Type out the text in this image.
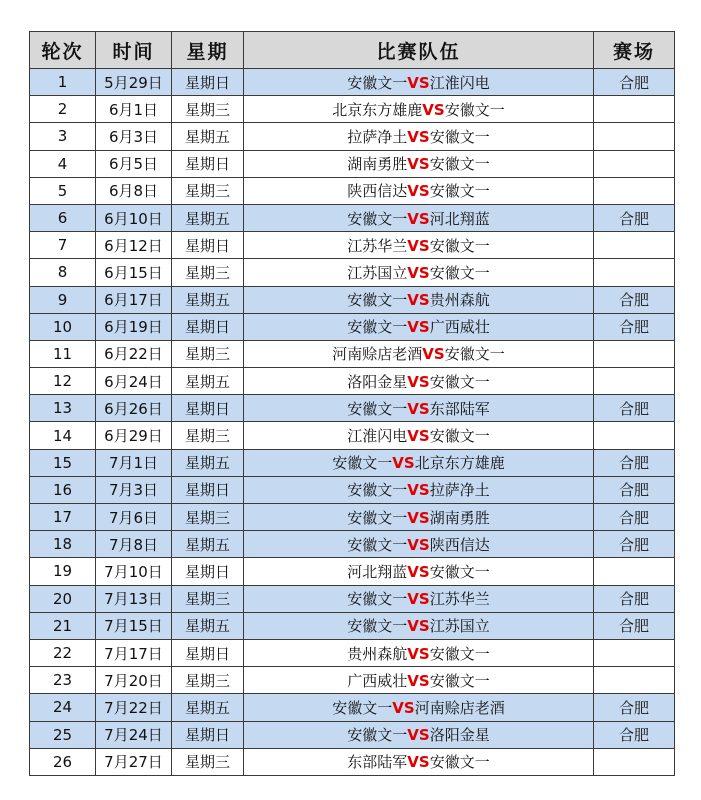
轮次	时间	星期	比赛队伍	赛场
1	5月29日	星期日	安徽文一VS江淮闪电	合肥
2	6月1日	星期三	北京东方雄鹿VS安徽文一	
3	6月3日	星期五	拉萨净土VS安徽文一	
4	6月5日	星期日	湖南勇胜VS安徽文一	
5	6月8日	星期三	陕西信达VS安徽文一	
6	6月10日	星期五	安徽文一VS河北翔蓝	合肥
7	6月12日	星期日	江苏华兰VS安徽文一	
8	6月15日	星期三	江苏国立VS安徽文一	
9	6月17日	星期五	安徽文一VS贵州森航	合肥
10	6月19日	星期日	安徽文一VS广西威壮	合肥
11	6月22日	星期三	河南赊店老酒VS安徽文一	
12	6月24日	星期五	洛阳金星VS安徽文一	
13	6月26日	星期日	安徽文一VS东部陆军	合肥
14	6月29日	星期三	江淮闪电VS安徽文一	
15	7月1日	星期五	安徽文一VS北京东方雄鹿	合肥
16	7月3日	星期日	安徽文一VS拉萨净土	合肥
17	7月6日	星期三	安徽文一VS湖南勇胜	合肥
18	7月8日	星期五	安徽文一VS陕西信达	合肥
19	7月10日	星期日	河北翔蓝VS安徽文一	
20	7月13日	星期三	安徽文一VS江苏华兰	合肥
21	7月15日	星期五	安徽文一VS江苏国立	合肥
22	7月17日	星期日	贵州森航VS安徽文一	
23	7月20日	星期三	广西威壮VS安徽文一	
24	7月22日	星期五	安徽文一VS河南赊店老酒	合肥
25	7月24日	星期日	安徽文一VS洛阳金星	合肥
26	7月27日	星期三	东部陆军VS安徽文一	
